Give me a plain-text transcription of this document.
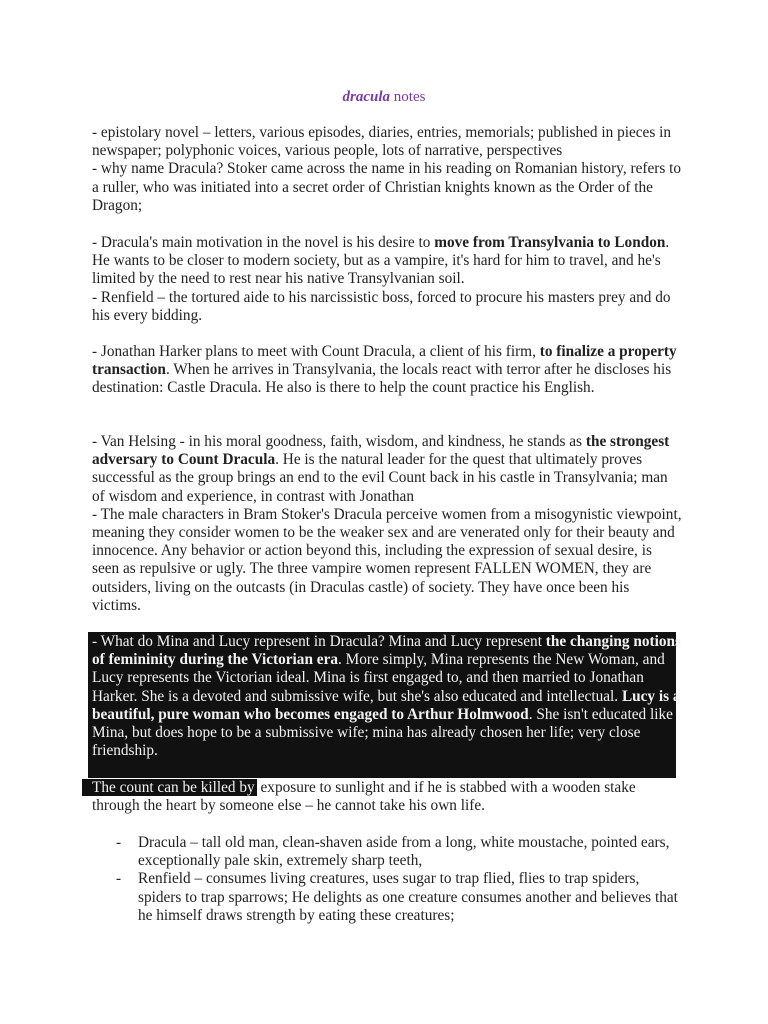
dracula notes

- epistolary novel – letters, various episodes, diaries, entries, memorials; published in pieces in newspaper; polyphonic voices, various people, lots of narrative, perspectives

- why name Dracula? Stoker came across the name in his reading on Romanian history, refers to a ruller, who was initiated into a secret order of Christian knights known as the Order of the Dragon;

- Dracula's main motivation in the novel is his desire to move from Transylvania to London. He wants to be closer to modern society, but as a vampire, it's hard for him to travel, and he's limited by the need to rest near his native Transylvanian soil.

- Renfield – the tortured aide to his narcissistic boss, forced to procure his masters prey and do his every bidding.

- Jonathan Harker plans to meet with Count Dracula, a client of his firm, to finalize a property transaction. When he arrives in Transylvania, the locals react with terror after he discloses his destination: Castle Dracula. He also is there to help the count practice his English.

- Van Helsing - in his moral goodness, faith, wisdom, and kindness, he stands as the strongest adversary to Count Dracula. He is the natural leader for the quest that ultimately proves successful as the group brings an end to the evil Count back in his castle in Transylvania; man of wisdom and experience, in contrast with Jonathan

- The male characters in Bram Stoker's Dracula perceive women from a misogynistic viewpoint, meaning they consider women to be the weaker sex and are venerated only for their beauty and innocence. Any behavior or action beyond this, including the expression of sexual desire, is seen as repulsive or ugly. The three vampire women represent FALLEN WOMEN, they are outsiders, living on the outcasts (in Draculas castle) of society. They have once been his victims.

- What do Mina and Lucy represent in Dracula? Mina and Lucy represent the changing notions of femininity during the Victorian era. More simply, Mina represents the New Woman, and Lucy represents the Victorian ideal. Mina is first engaged to, and then married to Jonathan Harker. She is a devoted and submissive wife, but she's also educated and intellectual. Lucy is a beautiful, pure woman who becomes engaged to Arthur Holmwood. She isn't educated like Mina, but does hope to be a submissive wife; mina has already chosen her life; very close friendship.

The count can be killed by exposure to sunlight and if he is stabbed with a wooden stake through the heart by someone else – he cannot take his own life.

- Dracula – tall old man, clean-shaven aside from a long, white moustache, pointed ears, exceptionally pale skin, extremely sharp teeth,
- Renfield – consumes living creatures, uses sugar to trap flied, flies to trap spiders, spiders to trap sparrows; He delights as one creature consumes another and believes that he himself draws strength by eating these creatures;
